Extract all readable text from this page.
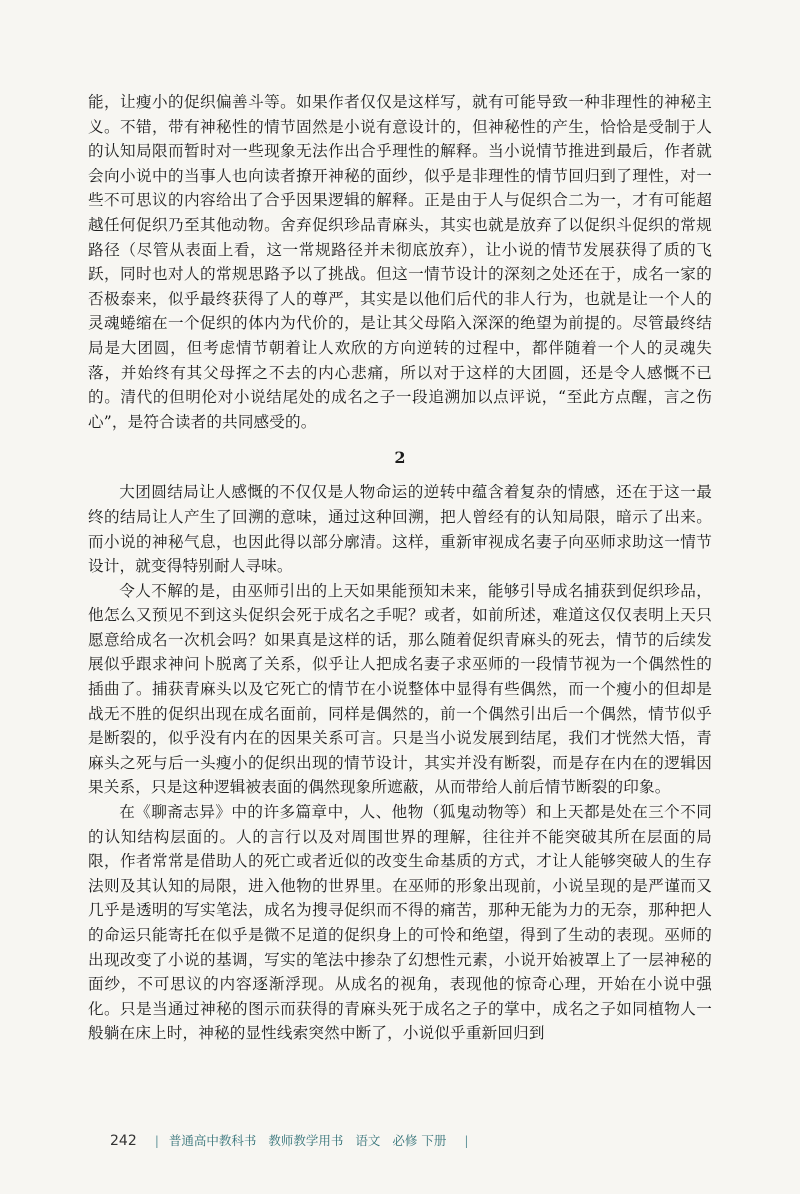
能，让瘦小的促织偏善斗等。如果作者仅仅是这样写，就有可能导致一种非理性的神秘主义。不错，带有神秘性的情节固然是小说有意设计的，但神秘性的产生，恰恰是受制于人的认知局限而暂时对一些现象无法作出合乎理性的解释。当小说情节推进到最后，作者就会向小说中的当事人也向读者撩开神秘的面纱，似乎是非理性的情节回归到了理性，对一些不可思议的内容给出了合乎因果逻辑的解释。正是由于人与促织合二为一，才有可能超越任何促织乃至其他动物。舍弃促织珍品青麻头，其实也就是放弃了以促织斗促织的常规路径（尽管从表面上看，这一常规路径并未彻底放弃），让小说的情节发展获得了质的飞跃，同时也对人的常规思路予以了挑战。但这一情节设计的深刻之处还在于，成名一家的否极泰来，似乎最终获得了人的尊严，其实是以他们后代的非人行为，也就是让一个人的灵魂蜷缩在一个促织的体内为代价的，是让其父母陷入深深的绝望为前提的。尽管最终结局是大团圆，但考虑情节朝着让人欢欣的方向逆转的过程中，都伴随着一个人的灵魂失落，并始终有其父母挥之不去的内心悲痛，所以对于这样的大团圆，还是令人感慨不已的。清代的但明伦对小说结尾处的成名之子一段追溯加以点评说，“至此方点醒，言之伤心”，是符合读者的共同感受的。

2

大团圆结局让人感慨的不仅仅是人物命运的逆转中蕴含着复杂的情感，还在于这一最终的结局让人产生了回溯的意味，通过这种回溯，把人曾经有的认知局限，暗示了出来。而小说的神秘气息，也因此得以部分廓清。这样，重新审视成名妻子向巫师求助这一情节设计，就变得特别耐人寻味。

令人不解的是，由巫师引出的上天如果能预知未来，能够引导成名捕获到促织珍品，他怎么又预见不到这头促织会死于成名之手呢？或者，如前所述，难道这仅仅表明上天只愿意给成名一次机会吗？如果真是这样的话，那么随着促织青麻头的死去，情节的后续发展似乎跟求神问卜脱离了关系，似乎让人把成名妻子求巫师的一段情节视为一个偶然性的插曲了。捕获青麻头以及它死亡的情节在小说整体中显得有些偶然，而一个瘦小的但却是战无不胜的促织出现在成名面前，同样是偶然的，前一个偶然引出后一个偶然，情节似乎是断裂的，似乎没有内在的因果关系可言。只是当小说发展到结尾，我们才恍然大悟，青麻头之死与后一头瘦小的促织出现的情节设计，其实并没有断裂，而是存在内在的逻辑因果关系，只是这种逻辑被表面的偶然现象所遮蔽，从而带给人前后情节断裂的印象。

在《聊斋志异》中的许多篇章中，人、他物（狐鬼动物等）和上天都是处在三个不同的认知结构层面的。人的言行以及对周围世界的理解，往往并不能突破其所在层面的局限，作者常常是借助人的死亡或者近似的改变生命基质的方式，才让人能够突破人的生存法则及其认知的局限，进入他物的世界里。在巫师的形象出现前，小说呈现的是严谨而又几乎是透明的写实笔法，成名为搜寻促织而不得的痛苦，那种无能为力的无奈，那种把人的命运只能寄托在似乎是微不足道的促织身上的可怜和绝望，得到了生动的表现。巫师的出现改变了小说的基调，写实的笔法中掺杂了幻想性元素，小说开始被罩上了一层神秘的面纱，不可思议的内容逐渐浮现。从成名的视角，表现他的惊奇心理，开始在小说中强化。只是当通过神秘的图示而获得的青麻头死于成名之子的掌中，成名之子如同植物人一般躺在床上时，神秘的显性线索突然中断了，小说似乎重新回归到

242 | 普通高中教科书 教师教学用书 语文 必修 下册 |
